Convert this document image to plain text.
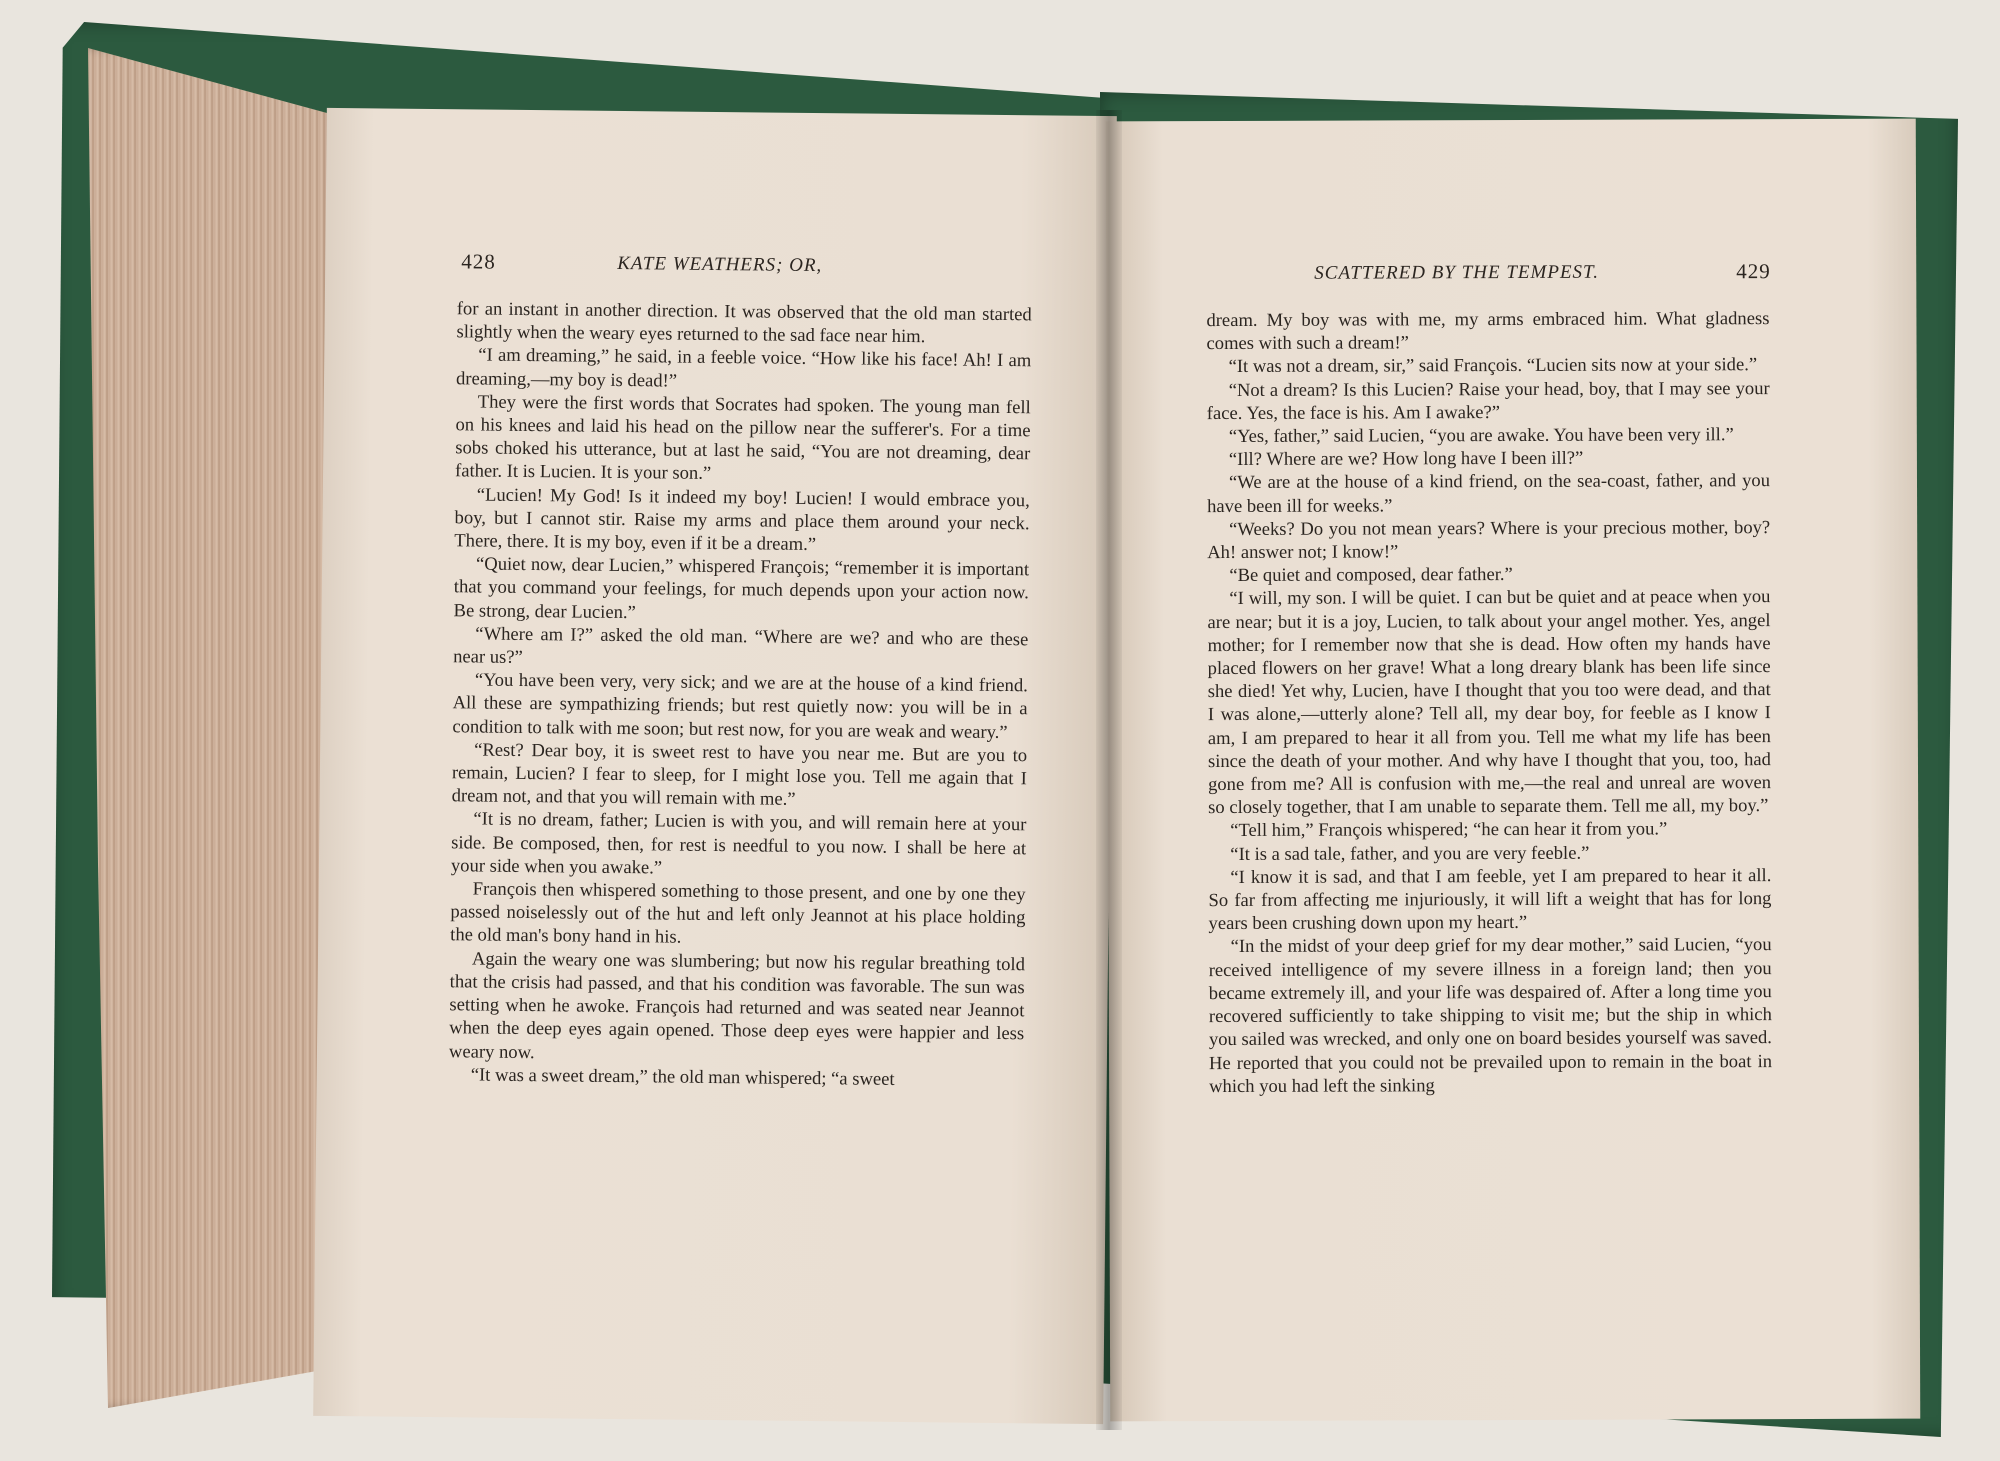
428	KATE WEATHERS; OR,

for an instant in another direction. It was observed that the old man started slightly when the weary eyes returned to the sad face near him.

“I am dreaming,” he said, in a feeble voice. “How like his face! Ah! I am dreaming,—my boy is dead!”

They were the first words that Socrates had spoken. The young man fell on his knees and laid his head on the pillow near the sufferer's. For a time sobs choked his utterance, but at last he said, “You are not dreaming, dear father. It is Lucien. It is your son.”

“Lucien! My God! Is it indeed my boy! Lucien! I would embrace you, boy, but I cannot stir. Raise my arms and place them around your neck. There, there. It is my boy, even if it be a dream.”

“Quiet now, dear Lucien,” whispered François; “remember it is important that you command your feelings, for much depends upon your action now. Be strong, dear Lucien.”

“Where am I?” asked the old man. “Where are we? and who are these near us?”

“You have been very, very sick; and we are at the house of a kind friend. All these are sympathizing friends; but rest quietly now: you will be in a condition to talk with me soon; but rest now, for you are weak and weary.”

“Rest? Dear boy, it is sweet rest to have you near me. But are you to remain, Lucien? I fear to sleep, for I might lose you. Tell me again that I dream not, and that you will remain with me.”

“It is no dream, father; Lucien is with you, and will remain here at your side. Be composed, then, for rest is needful to you now. I shall be here at your side when you awake.”

François then whispered something to those present, and one by one they passed noiselessly out of the hut and left only Jeannot at his place holding the old man's bony hand in his.

Again the weary one was slumbering; but now his regular breathing told that the crisis had passed, and that his condition was favorable. The sun was setting when he awoke. François had returned and was seated near Jeannot when the deep eyes again opened. Those deep eyes were happier and less weary now.

“It was a sweet dream,” the old man whispered; “a sweet

SCATTERED BY THE TEMPEST.	429

dream. My boy was with me, my arms embraced him. What gladness comes with such a dream!”

“It was not a dream, sir,” said François. “Lucien sits now at your side.”

“Not a dream? Is this Lucien? Raise your head, boy, that I may see your face. Yes, the face is his. Am I awake?”

“Yes, father,” said Lucien, “you are awake. You have been very ill.”

“Ill? Where are we? How long have I been ill?”

“We are at the house of a kind friend, on the sea-coast, father, and you have been ill for weeks.”

“Weeks? Do you not mean years? Where is your precious mother, boy? Ah! answer not; I know!”

“Be quiet and composed, dear father.”

“I will, my son. I will be quiet. I can but be quiet and at peace when you are near; but it is a joy, Lucien, to talk about your angel mother. Yes, angel mother; for I remember now that she is dead. How often my hands have placed flowers on her grave! What a long dreary blank has been life since she died! Yet why, Lucien, have I thought that you too were dead, and that I was alone,—utterly alone? Tell all, my dear boy, for feeble as I know I am, I am prepared to hear it all from you. Tell me what my life has been since the death of your mother. And why have I thought that you, too, had gone from me? All is confusion with me,—the real and unreal are woven so closely together, that I am unable to separate them. Tell me all, my boy.”

“Tell him,” François whispered; “he can hear it from you.”

“It is a sad tale, father, and you are very feeble.”

“I know it is sad, and that I am feeble, yet I am prepared to hear it all. So far from affecting me injuriously, it will lift a weight that has for long years been crushing down upon my heart.”

“In the midst of your deep grief for my dear mother,” said Lucien, “you received intelligence of my severe illness in a foreign land; then you became extremely ill, and your life was despaired of. After a long time you recovered sufficiently to take shipping to visit me; but the ship in which you sailed was wrecked, and only one on board besides yourself was saved. He reported that you could not be prevailed upon to remain in the boat in which you had left the sinking
